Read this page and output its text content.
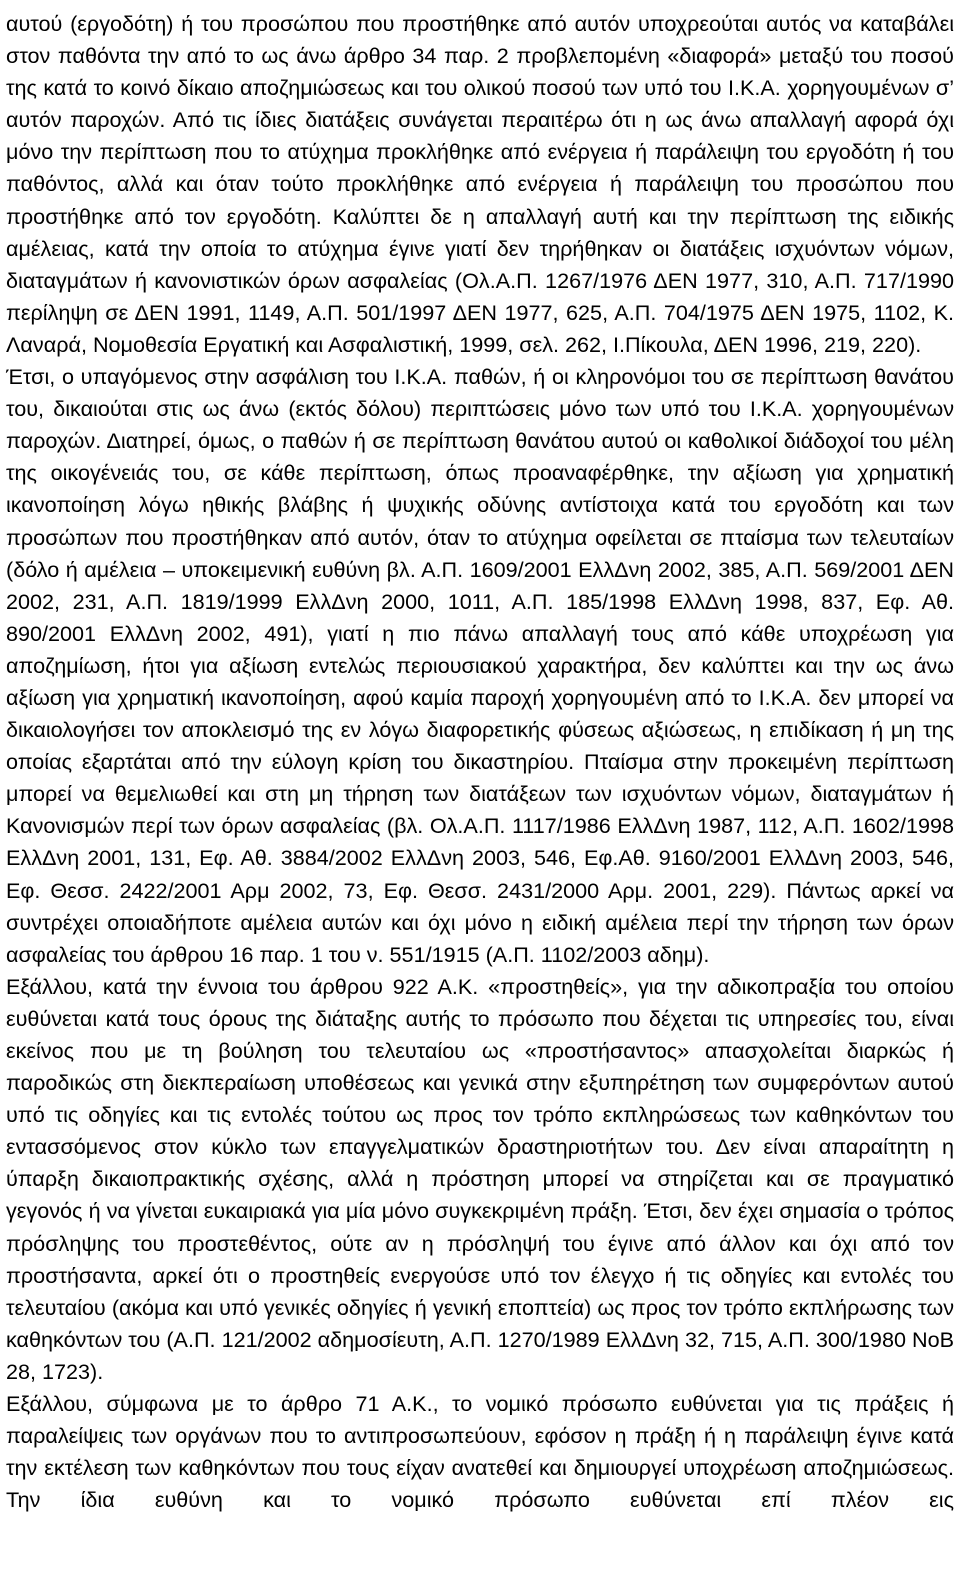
αυτού (εργοδότη) ή του προσώπου που προστήθηκε από αυτόν υποχρεούται αυτός να καταβάλει στον παθόντα την από το ως άνω άρθρο 34 παρ. 2 προβλεπομένη «διαφορά» μεταξύ του ποσού της κατά το κοινό δίκαιο αποζημιώσεως και του ολικού ποσού των υπό του Ι.Κ.Α. χορηγουμένων σ’ αυτόν παροχών. Από τις ίδιες διατάξεις συνάγεται περαιτέρω ότι η ως άνω απαλλαγή αφορά όχι μόνο την περίπτωση που το ατύχημα προκλήθηκε από ενέργεια ή παράλειψη του εργοδότη ή του παθόντος, αλλά και όταν τούτο προκλήθηκε από ενέργεια ή παράλειψη του προσώπου που προστήθηκε από τον εργοδότη. Καλύπτει δε η απαλλαγή αυτή και την περίπτωση της ειδικής αμέλειας, κατά την οποία το ατύχημα έγινε γιατί δεν τηρήθηκαν οι διατάξεις ισχυόντων νόμων, διαταγμάτων ή κανονιστικών όρων ασφαλείας (Ολ.Α.Π. 1267/1976 ΔΕΝ 1977, 310, Α.Π. 717/1990 περίληψη σε ΔΕΝ 1991, 1149, Α.Π. 501/1997 ΔΕΝ 1977, 625, Α.Π. 704/1975 ΔΕΝ 1975, 1102, Κ. Λαναρά, Νομοθεσία Εργατική και Ασφαλιστική, 1999, σελ. 262, Ι.Πίκουλα, ΔΕΝ 1996, 219, 220).

Έτσι, ο υπαγόμενος στην ασφάλιση του Ι.Κ.Α. παθών, ή οι κληρονόμοι του σε περίπτωση θανάτου του, δικαιούται στις ως άνω (εκτός δόλου) περιπτώσεις μόνο των υπό του Ι.Κ.Α. χορηγουμένων παροχών. Διατηρεί, όμως, ο παθών ή σε περίπτωση θανάτου αυτού οι καθολικοί διάδοχοί του μέλη της οικογένειάς του, σε κάθε περίπτωση, όπως προαναφέρθηκε, την αξίωση για χρηματική ικανοποίηση λόγω ηθικής βλάβης ή ψυχικής οδύνης αντίστοιχα κατά του εργοδότη και των προσώπων που προστήθηκαν από αυτόν, όταν το ατύχημα οφείλεται σε πταίσμα των τελευταίων (δόλο ή αμέλεια – υποκειμενική ευθύνη βλ. Α.Π. 1609/2001 ΕλλΔνη 2002, 385, Α.Π. 569/2001 ΔΕΝ 2002, 231, Α.Π. 1819/1999 ΕλλΔνη 2000, 1011, Α.Π. 185/1998 ΕλλΔνη 1998, 837, Εφ. Αθ. 890/2001 ΕλλΔνη 2002, 491), γιατί η πιο πάνω απαλλαγή τους από κάθε υποχρέωση για αποζημίωση, ήτοι για αξίωση εντελώς περιουσιακού χαρακτήρα, δεν καλύπτει και την ως άνω αξίωση για χρηματική ικανοποίηση, αφού καμία παροχή χορηγουμένη από το Ι.Κ.Α. δεν μπορεί να δικαιολογήσει τον αποκλεισμό της εν λόγω διαφορετικής φύσεως αξιώσεως, η επιδίκαση ή μη της οποίας εξαρτάται από την εύλογη κρίση του δικαστηρίου. Πταίσμα στην προκειμένη περίπτωση μπορεί να θεμελιωθεί και στη μη τήρηση των διατάξεων των ισχυόντων νόμων, διαταγμάτων ή Κανονισμών περί των όρων ασφαλείας (βλ. Ολ.Α.Π. 1117/1986 ΕλλΔνη 1987, 112, Α.Π. 1602/1998 ΕλλΔνη 2001, 131, Εφ. Αθ. 3884/2002 ΕλλΔνη 2003, 546, Εφ.Αθ. 9160/2001 ΕλλΔνη 2003, 546, Εφ. Θεσσ. 2422/2001 Αρμ 2002, 73, Εφ. Θεσσ. 2431/2000 Αρμ. 2001, 229). Πάντως αρκεί να συντρέχει οποιαδήποτε αμέλεια αυτών και όχι μόνο η ειδική αμέλεια περί την τήρηση των όρων ασφαλείας του άρθρου 16 παρ. 1 του ν. 551/1915 (Α.Π. 1102/2003 αδημ).

Εξάλλου, κατά την έννοια του άρθρου 922 Α.Κ. «προστηθείς», για την αδικοπραξία του οποίου ευθύνεται κατά τους όρους της διάταξης αυτής το πρόσωπο που δέχεται τις υπηρεσίες του, είναι εκείνος που με τη βούληση του τελευταίου ως «προστήσαντος» απασχολείται διαρκώς ή παροδικώς στη διεκπεραίωση υποθέσεως και γενικά στην εξυπηρέτηση των συμφερόντων αυτού υπό τις οδηγίες και τις εντολές τούτου ως προς τον τρόπο εκπληρώσεως των καθηκόντων του εντασσόμενος στον κύκλο των επαγγελματικών δραστηριοτήτων του. Δεν είναι απαραίτητη η ύπαρξη δικαιοπρακτικής σχέσης, αλλά η πρόστηση μπορεί να στηρίζεται και σε πραγματικό γεγονός ή να γίνεται ευκαιριακά για μία μόνο συγκεκριμένη πράξη. Έτσι, δεν έχει σημασία ο τρόπος πρόσληψης του προστεθέντος, ούτε αν η πρόσληψή του έγινε από άλλον και όχι από τον προστήσαντα, αρκεί ότι ο προστηθείς ενεργούσε υπό τον έλεγχο ή τις οδηγίες και εντολές του τελευταίου (ακόμα και υπό γενικές οδηγίες ή γενική εποπτεία) ως προς τον τρόπο εκπλήρωσης των καθηκόντων του (Α.Π. 121/2002 αδημοσίευτη, Α.Π. 1270/1989 ΕλλΔνη 32, 715, Α.Π. 300/1980 ΝοΒ 28, 1723).

Εξάλλου, σύμφωνα με το άρθρο 71 Α.Κ., το νομικό πρόσωπο ευθύνεται για τις πράξεις ή παραλείψεις των οργάνων που το αντιπροσωπεύουν, εφόσον η πράξη ή η παράλειψη έγινε κατά την εκτέλεση των καθηκόντων που τους είχαν ανατεθεί και δημιουργεί υποχρέωση αποζημιώσεως. Την ίδια ευθύνη και το νομικό πρόσωπο ευθύνεται επί πλέον εις
